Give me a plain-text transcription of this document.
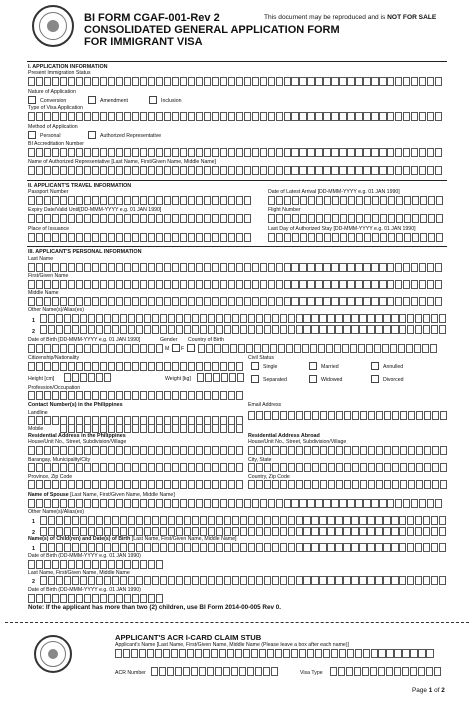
BI FORM CGAF-001-Rev 2	This document may be reproduced and is NOT FOR SALE
CONSOLIDATED GENERAL APPLICATION FORM
FOR IMMIGRANT VISA
I. APPLICATION INFORMATION
Present Immigration Status
Nature of Application
Conversion	Amendment	Inclusion
Type of Visa Application
Method of Application
Personal	Authorized Representative
BI Accreditation Number
Name of Authorized Representative [Last Name, First/Given Name, Middle Name]
II. APPLICANT'S TRAVEL INFORMATION
Passport Number	Date of Latest Arrival [DD-MMM-YYYY e.g. 01 JAN 1990]
Expiry Date/Valid Until[DD-MMM-YYYY e.g. 01 JAN 1990]	Flight Number
Place of Issuance	Last Day of Authorized Stay [DD-MMM-YYYY e.g. 01 JAN 1990]
III. APPLICANT'S PERSONAL INFORMATION
Last Name
First/Given Name
Middle Name
Other Name(s)/Alias(es)
1
2
Date of Birth [DD-MMM-YYYY e.g. 01 JAN 1990]	Gender Country of Birth
M F
Citizenship/Nationality	Civil Status
Single	Married	Annulled
Separated	Widowed	Divorced
Height [cm]	Weight [kg]
Profession/Occupation
Contact Number(s) in the Philippines	Email Address
Landline
Mobile
Residential Address in the Philippines	Residential Address Abroad
House/Unit No., Street, Subdivision/Village	House/Unit No., Street, Subdivision/Village
Barangay, Municipality/City	City, State
Province, Zip Code	Country, Zip Code
Name of Spouse [Last Name, First/Given Name, Middle Name]
Other Name(s)/Alias(es)
1
2
Name(s) of Child(ren) and Date(s) of Birth [Last Name, First/Given Name, Middle Name]
1
Date of Birth (DD-MMM-YYYY e.g. 01 JAN 1990)
Last Name, First/Given Name, Middle Name
2
Date of Birth (DD-MMM-YYYY e.g. 01 JAN 1990)
Note: If the applicant has more than two (2) children, use BI Form 2014-00-005 Rev 0.
APPLICANT'S ACR I-CARD CLAIM STUB
Applicant's Name [Last Name, First/Given Name, Middle Name (Please leave a box after each name)]
ACR Number	Visa Type
Page 1 of 2
